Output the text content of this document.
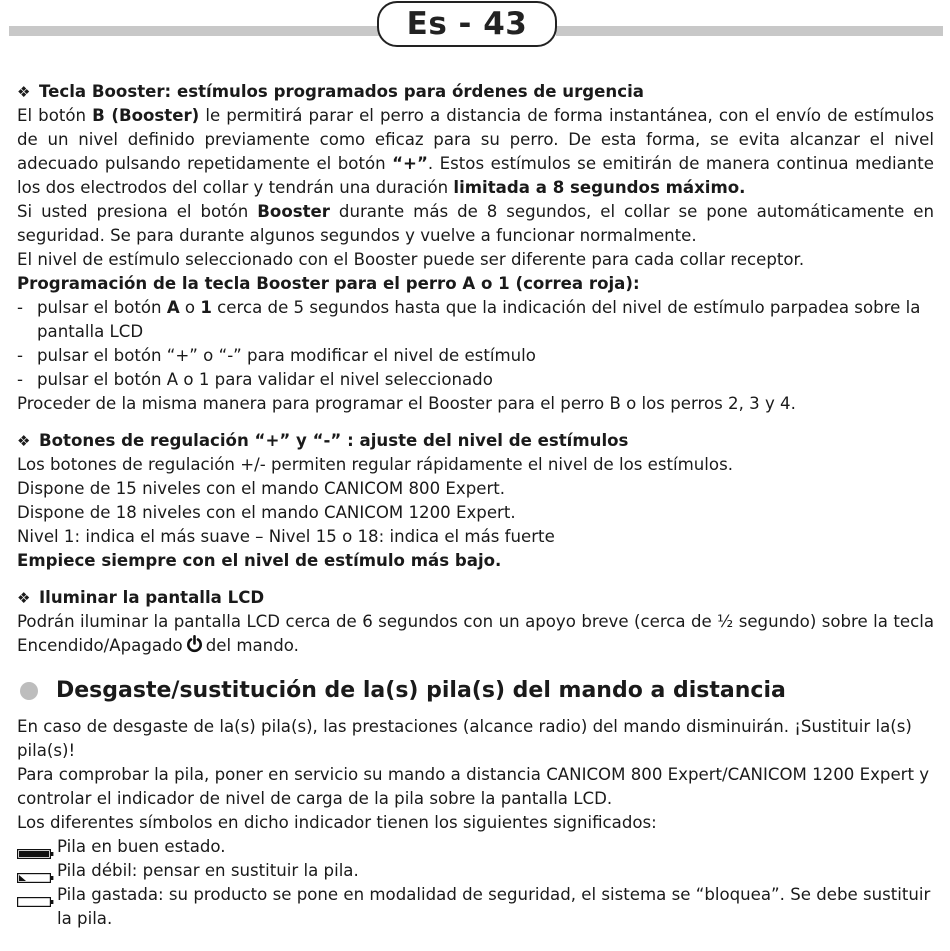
Es - 43

❖ Tecla Booster: estímulos programados para órdenes de urgencia

El botón B (Booster) le permitirá parar el perro a distancia de forma instantánea, con el envío de estímulos de un nivel definido previamente como eficaz para su perro. De esta forma, se evita alcanzar el nivel adecuado pulsando repetidamente el botón “+”. Estos estímulos se emitirán de manera continua mediante los dos electrodos del collar y tendrán una duración limitada a 8 segundos máximo.

Si usted presiona el botón Booster durante más de 8 segundos, el collar se pone automáticamente en seguridad. Se para durante algunos segundos y vuelve a funcionar normalmente.

El nivel de estímulo seleccionado con el Booster puede ser diferente para cada collar receptor.

Programación de la tecla Booster para el perro A o 1 (correa roja):

- pulsar el botón A o 1 cerca de 5 segundos hasta que la indicación del nivel de estímulo parpadea sobre la pantalla LCD

- pulsar el botón “+” o “-” para modificar el nivel de estímulo

- pulsar el botón A o 1 para validar el nivel seleccionado

Proceder de la misma manera para programar el Booster para el perro B o los perros 2, 3 y 4.

❖ Botones de regulación “+” y “-” : ajuste del nivel de estímulos

Los botones de regulación +/- permiten regular rápidamente el nivel de los estímulos.

Dispone de 15 niveles con el mando CANICOM 800 Expert.

Dispone de 18 niveles con el mando CANICOM 1200 Expert.

Nivel 1: indica el más suave – Nivel 15 o 18: indica el más fuerte

Empiece siempre con el nivel de estímulo más bajo.

❖ Iluminar la pantalla LCD

Podrán iluminar la pantalla LCD cerca de 6 segundos con un apoyo breve (cerca de ½ segundo) sobre la tecla Encendido/Apagado del mando.

Desgaste/sustitución de la(s) pila(s) del mando a distancia

En caso de desgaste de la(s) pila(s), las prestaciones (alcance radio) del mando disminuirán. ¡Sustituir la(s) pila(s)!

Para comprobar la pila, poner en servicio su mando a distancia CANICOM 800 Expert/CANICOM 1200 Expert y controlar el indicador de nivel de carga de la pila sobre la pantalla LCD.

Los diferentes símbolos en dicho indicador tienen los siguientes significados:

Pila en buen estado.

Pila débil: pensar en sustituir la pila.

Pila gastada: su producto se pone en modalidad de seguridad, el sistema se “bloquea”. Se debe sustituir la pila.
